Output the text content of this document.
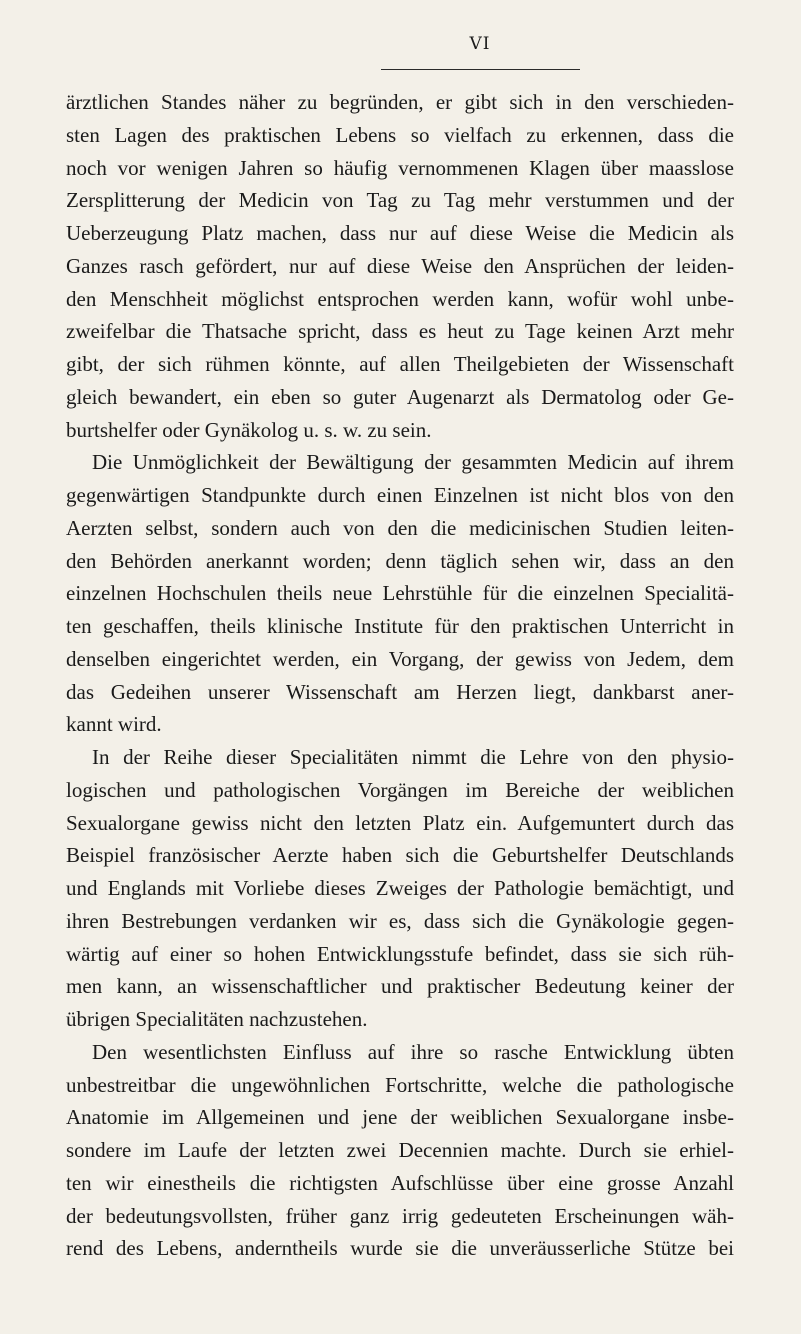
VI
ärztlichen Standes näher zu begründen, er gibt sich in den verschieden-
sten Lagen des praktischen Lebens so vielfach zu erkennen, dass die
noch vor wenigen Jahren so häufig vernommenen Klagen über maasslose
Zersplitterung der Medicin von Tag zu Tag mehr verstummen und der
Ueberzeugung Platz machen, dass nur auf diese Weise die Medicin als
Ganzes rasch gefördert, nur auf diese Weise den Ansprüchen der leiden-
den Menschheit möglichst entsprochen werden kann, wofür wohl unbe-
zweifelbar die Thatsache spricht, dass es heut zu Tage keinen Arzt mehr
gibt, der sich rühmen könnte, auf allen Theilgebieten der Wissenschaft
gleich bewandert, ein eben so guter Augenarzt als Dermatolog oder Ge-
burtshelfer oder Gynäkolog u. s. w. zu sein.
Die Unmöglichkeit der Bewältigung der gesammten Medicin auf ihrem
gegenwärtigen Standpunkte durch einen Einzelnen ist nicht blos von den
Aerzten selbst, sondern auch von den die medicinischen Studien leiten-
den Behörden anerkannt worden; denn täglich sehen wir, dass an den
einzelnen Hochschulen theils neue Lehrstühle für die einzelnen Specialitä-
ten geschaffen, theils klinische Institute für den praktischen Unterricht in
denselben eingerichtet werden, ein Vorgang, der gewiss von Jedem, dem
das Gedeihen unserer Wissenschaft am Herzen liegt, dankbarst aner-
kannt wird.
In der Reihe dieser Specialitäten nimmt die Lehre von den physio-
logischen und pathologischen Vorgängen im Bereiche der weiblichen
Sexualorgane gewiss nicht den letzten Platz ein. Aufgemuntert durch das
Beispiel französischer Aerzte haben sich die Geburtshelfer Deutschlands
und Englands mit Vorliebe dieses Zweiges der Pathologie bemächtigt, und
ihren Bestrebungen verdanken wir es, dass sich die Gynäkologie gegen-
wärtig auf einer so hohen Entwicklungsstufe befindet, dass sie sich rüh-
men kann, an wissenschaftlicher und praktischer Bedeutung keiner der
übrigen Specialitäten nachzustehen.
Den wesentlichsten Einfluss auf ihre so rasche Entwicklung übten
unbestreitbar die ungewöhnlichen Fortschritte, welche die pathologische
Anatomie im Allgemeinen und jene der weiblichen Sexualorgane insbe-
sondere im Laufe der letzten zwei Decennien machte. Durch sie erhiel-
ten wir einestheils die richtigsten Aufschlüsse über eine grosse Anzahl
der bedeutungsvollsten, früher ganz irrig gedeuteten Erscheinungen wäh-
rend des Lebens, anderntheils wurde sie die unveräusserliche Stütze bei
